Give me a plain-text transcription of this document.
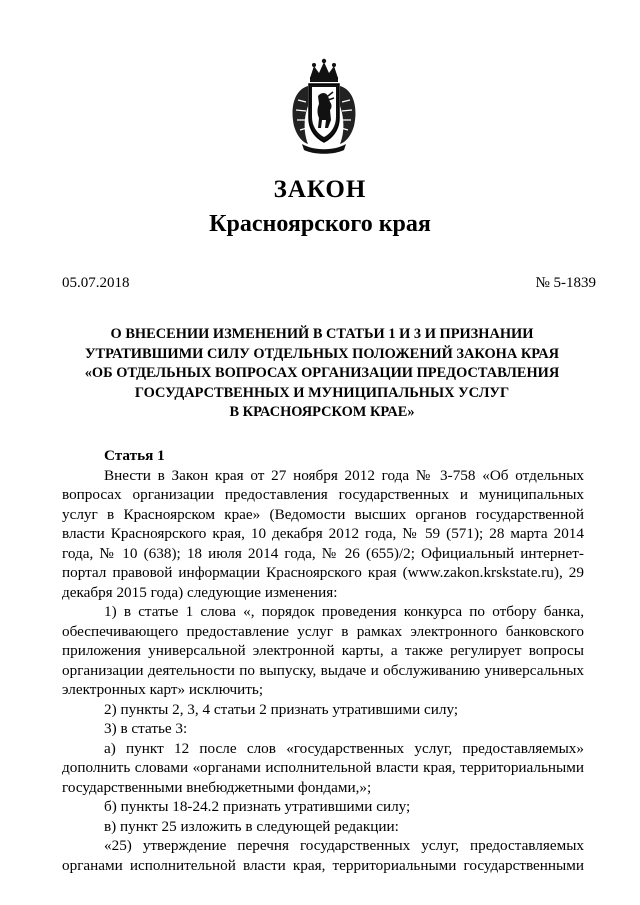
ЗАКОН
Красноярского края
05.07.2018	№ 5-1839
О ВНЕСЕНИИ ИЗМЕНЕНИЙ В СТАТЬИ 1 И 3 И ПРИЗНАНИИ
УТРАТИВШИМИ СИЛУ ОТДЕЛЬНЫХ ПОЛОЖЕНИЙ ЗАКОНА КРАЯ
«ОБ ОТДЕЛЬНЫХ ВОПРОСАХ ОРГАНИЗАЦИИ ПРЕДОСТАВЛЕНИЯ
ГОСУДАРСТВЕННЫХ И МУНИЦИПАЛЬНЫХ УСЛУГ
В КРАСНОЯРСКОМ КРАЕ»

Статья 1

Внести в Закон края от 27 ноября 2012 года № 3-758 «Об отдельных вопросах организации предоставления государственных и муниципальных услуг в Красноярском крае» (Ведомости высших органов государственной власти Красноярского края, 10 декабря 2012 года, № 59 (571); 28 марта 2014 года, № 10 (638); 18 июля 2014 года, № 26 (655)/2; Официальный интернет-портал правовой информации Красноярского края (www.zakon.krskstate.ru), 29 декабря 2015 года) следующие изменения:

1) в статье 1 слова «, порядок проведения конкурса по отбору банка, обеспечивающего предоставление услуг в рамках электронного банковского приложения универсальной электронной карты, а также регулирует вопросы организации деятельности по выпуску, выдаче и обслуживанию универсальных электронных карт» исключить;

2) пункты 2, 3, 4 статьи 2 признать утратившими силу;

3) в статье 3:

а) пункт 12 после слов «государственных услуг, предоставляемых» дополнить словами «органами исполнительной власти края, территориальными государственными внебюджетными фондами,»;

б) пункты 18-24.2 признать утратившими силу;

в) пункт 25 изложить в следующей редакции:

«25) утверждение перечня государственных услуг, предоставляемых органами исполнительной власти края, территориальными государственными
